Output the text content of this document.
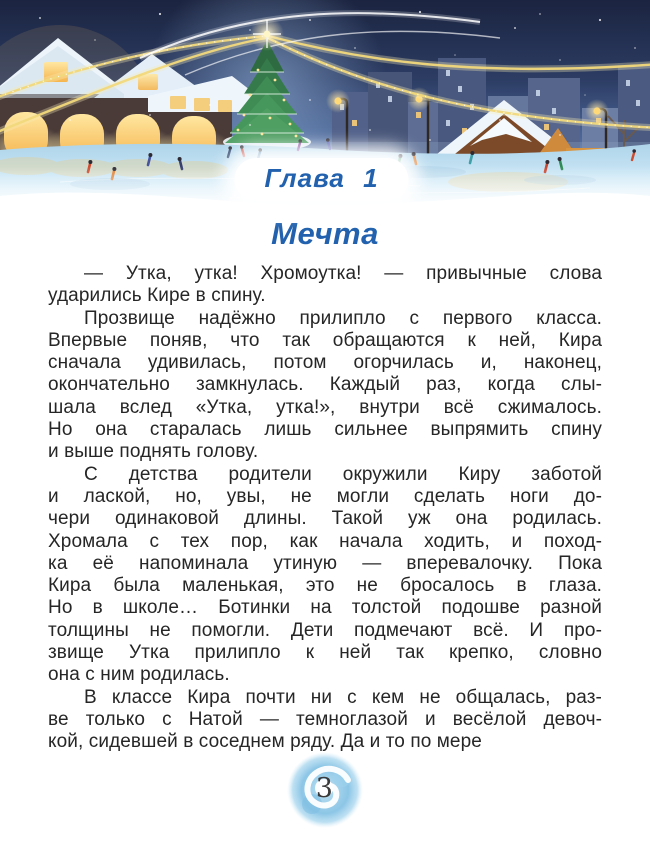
Глава 1
Мечта
— Утка, утка! Хромоутка! — привычные слова
ударились Кире в спину.
Прозвище надёжно прилипло с первого класса.
Впервые поняв, что так обращаются к ней, Кира
сначала удивилась, потом огорчилась и, наконец,
окончательно замкнулась. Каждый раз, когда слы-
шала вслед «Утка, утка!», внутри всё сжималось.
Но она старалась лишь сильнее выпрямить спину
и выше поднять голову.
С детства родители окружили Киру заботой
и лаской, но, увы, не могли сделать ноги до-
чери одинаковой длины. Такой уж она родилась.
Хромала с тех пор, как начала ходить, и поход-
ка её напоминала утиную — вперевалочку. Пока
Кира была маленькая, это не бросалось в глаза.
Но в школе… Ботинки на толстой подошве разной
толщины не помогли. Дети подмечают всё. И про-
звище Утка прилипло к ней так крепко, словно
она с ним родилась.
В классе Кира почти ни с кем не общалась, раз-
ве только с Натой — темноглазой и весёлой девоч-
кой, сидевшей в соседнем ряду. Да и то по мере
3
